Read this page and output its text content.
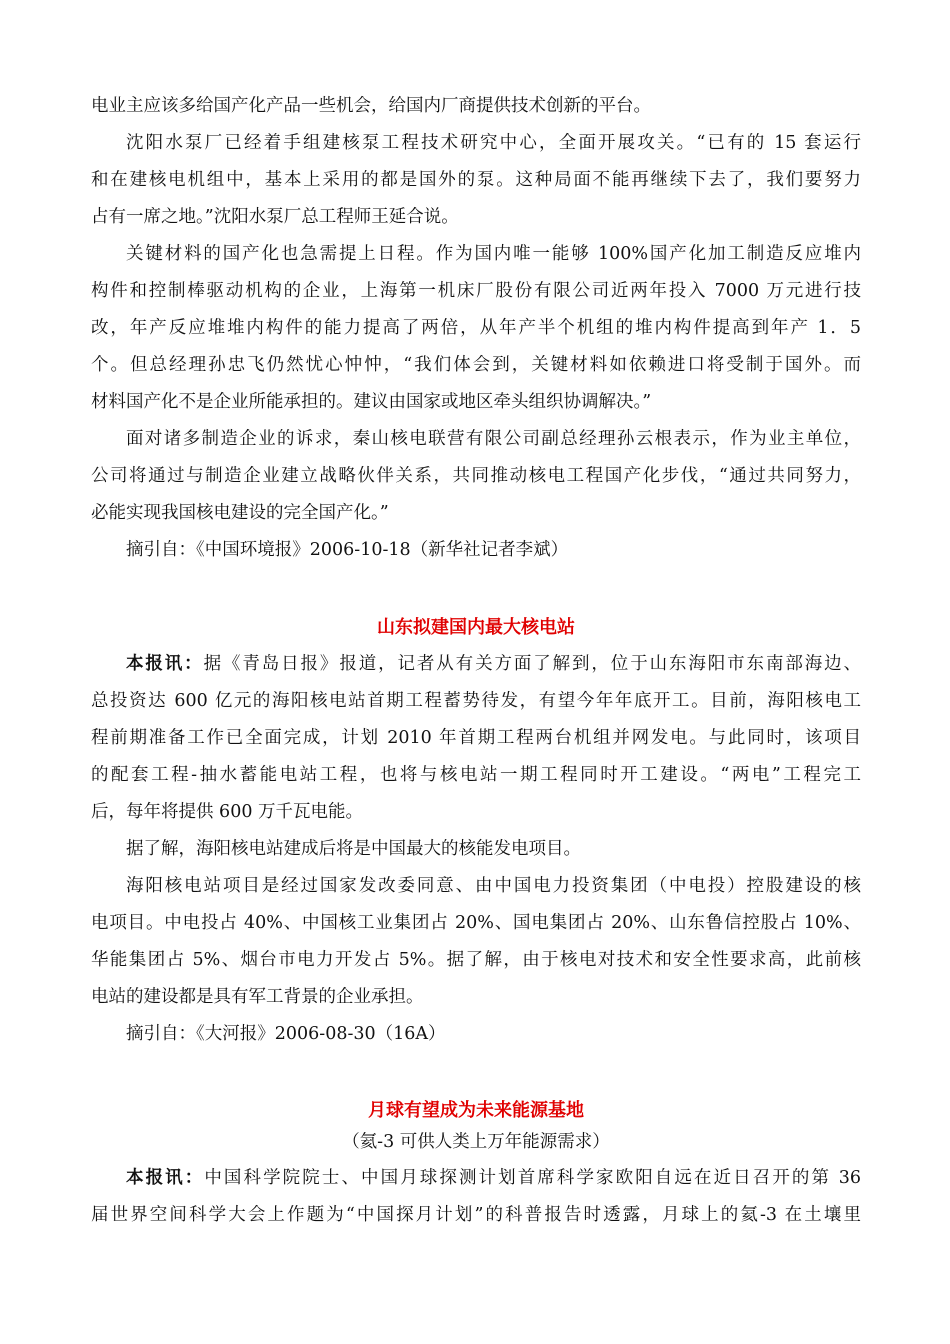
电业主应该多给国产化产品一些机会，给国内厂商提供技术创新的平台。
沈阳水泵厂已经着手组建核泵工程技术研究中心，全面开展攻关。“已有的 15 套运行
和在建核电机组中，基本上采用的都是国外的泵。这种局面不能再继续下去了，我们要努力
占有一席之地。”沈阳水泵厂总工程师王延合说。
关键材料的国产化也急需提上日程。作为国内唯一能够 100%国产化加工制造反应堆内
构件和控制棒驱动机构的企业，上海第一机床厂股份有限公司近两年投入 7000 万元进行技
改，年产反应堆堆内构件的能力提高了两倍，从年产半个机组的堆内构件提高到年产 1．5
个。但总经理孙忠飞仍然忧心忡忡，“我们体会到，关键材料如依赖进口将受制于国外。而
材料国产化不是企业所能承担的。建议由国家或地区牵头组织协调解决。”
面对诸多制造企业的诉求，秦山核电联营有限公司副总经理孙云根表示，作为业主单位，
公司将通过与制造企业建立战略伙伴关系，共同推动核电工程国产化步伐，“通过共同努力，
必能实现我国核电建设的完全国产化。”

摘引自：《中国环境报》2006-10-18（新华社记者李斌）

山东拟建国内最大核电站
本报讯：据《青岛日报》报道，记者从有关方面了解到，位于山东海阳市东南部海边、
总投资达 600 亿元的海阳核电站首期工程蓄势待发，有望今年年底开工。目前，海阳核电工
程前期准备工作已全面完成，计划 2010 年首期工程两台机组并网发电。与此同时，该项目
的配套工程-抽水蓄能电站工程，也将与核电站一期工程同时开工建设。“两电”工程完工
后，每年将提供 600 万千瓦电能。
据了解，海阳核电站建成后将是中国最大的核能发电项目。
海阳核电站项目是经过国家发改委同意、由中国电力投资集团（中电投）控股建设的核
电项目。中电投占 40%、中国核工业集团占 20%、国电集团占 20%、山东鲁信控股占 10%、
华能集团占 5%、烟台市电力开发占 5%。据了解，由于核电对技术和安全性要求高，此前核
电站的建设都是具有军工背景的企业承担。

摘引自：《大河报》2006-08-30（16A）

月球有望成为未来能源基地

（氦-3 可供人类上万年能源需求）

本报讯：中国科学院院士、中国月球探测计划首席科学家欧阳自远在近日召开的第 36
届世界空间科学大会上作题为“中国探月计划”的科普报告时透露，月球上的氦-3 在土壤里
